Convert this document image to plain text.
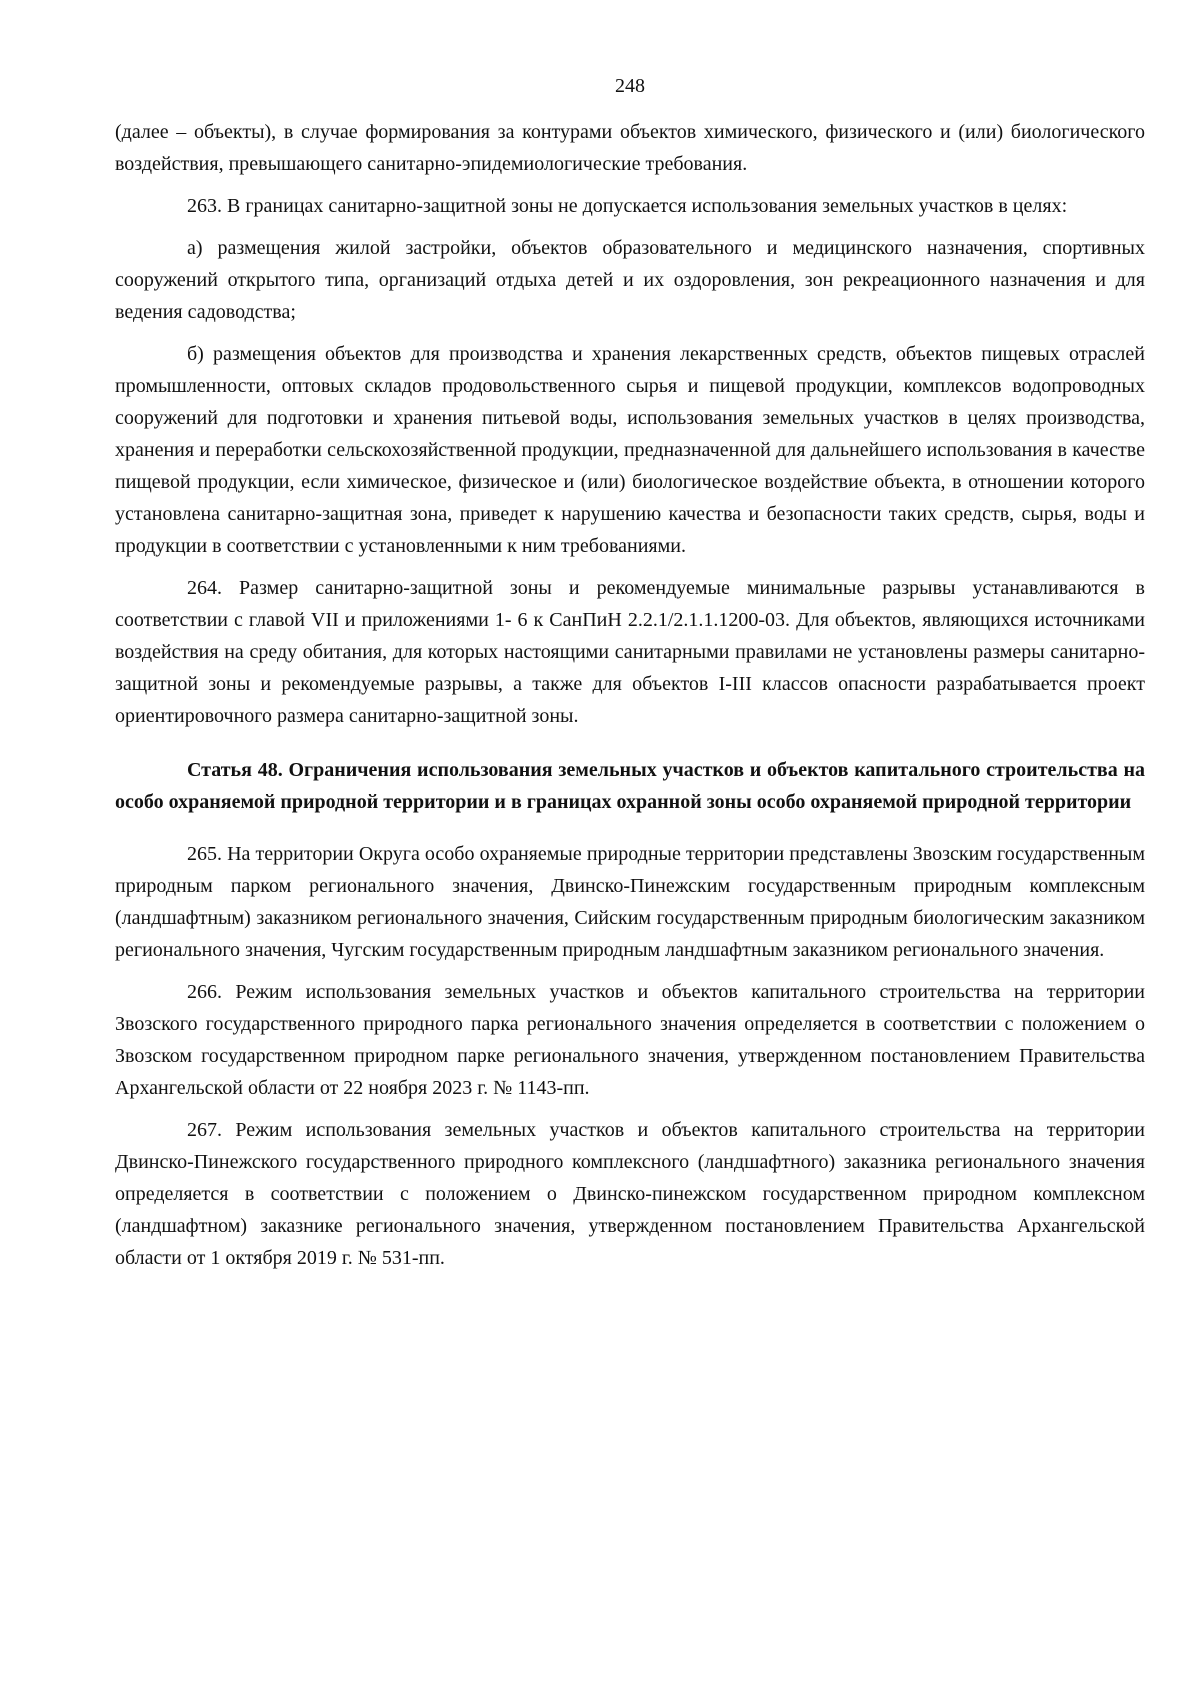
248

(далее – объекты), в случае формирования за контурами объектов химического, физического и (или) биологического воздействия, превышающего санитарно-эпидемиологические требования.

263. В границах санитарно-защитной зоны не допускается использования земельных участков в целях:

а) размещения жилой застройки, объектов образовательного и медицинского назначения, спортивных сооружений открытого типа, организаций отдыха детей и их оздоровления, зон рекреационного назначения и для ведения садоводства;

б) размещения объектов для производства и хранения лекарственных средств, объектов пищевых отраслей промышленности, оптовых складов продовольственного сырья и пищевой продукции, комплексов водопроводных сооружений для подготовки и хранения питьевой воды, использования земельных участков в целях производства, хранения и переработки сельскохозяйственной продукции, предназначенной для дальнейшего использования в качестве пищевой продукции, если химическое, физическое и (или) биологическое воздействие объекта, в отношении которого установлена санитарно-защитная зона, приведет к нарушению качества и безопасности таких средств, сырья, воды и продукции в соответствии с установленными к ним требованиями.

264. Размер санитарно-защитной зоны и рекомендуемые минимальные разрывы устанавливаются в соответствии с главой VII и приложениями 1- 6 к СанПиН 2.2.1/2.1.1.1200-03. Для объектов, являющихся источниками воздействия на среду обитания, для которых настоящими санитарными правилами не установлены размеры санитарно-защитной зоны и рекомендуемые разрывы, а также для объектов I-III классов опасности разрабатывается проект ориентировочного размера санитарно-защитной зоны.

Статья 48. Ограничения использования земельных участков и объектов капитального строительства на особо охраняемой природной территории и в границах охранной зоны особо охраняемой природной территории

265. На территории Округа особо охраняемые природные территории представлены Звозским государственным природным парком регионального значения, Двинско-Пинежским государственным природным комплексным (ландшафтным) заказником регионального значения, Сийским государственным природным биологическим заказником регионального значения, Чугским государственным природным ландшафтным заказником регионального значения.

266. Режим использования земельных участков и объектов капитального строительства на территории Звозского государственного природного парка регионального значения определяется в соответствии с положением о Звозском государственном природном парке регионального значения, утвержденном постановлением Правительства Архангельской области от 22 ноября 2023 г. № 1143-пп.

267. Режим использования земельных участков и объектов капитального строительства на территории Двинско-Пинежского государственного природного комплексного (ландшафтного) заказника регионального значения определяется в соответствии с положением о Двинско-пинежском государственном природном комплексном (ландшафтном) заказнике регионального значения, утвержденном постановлением Правительства Архангельской области от 1 октября 2019 г. № 531-пп.
